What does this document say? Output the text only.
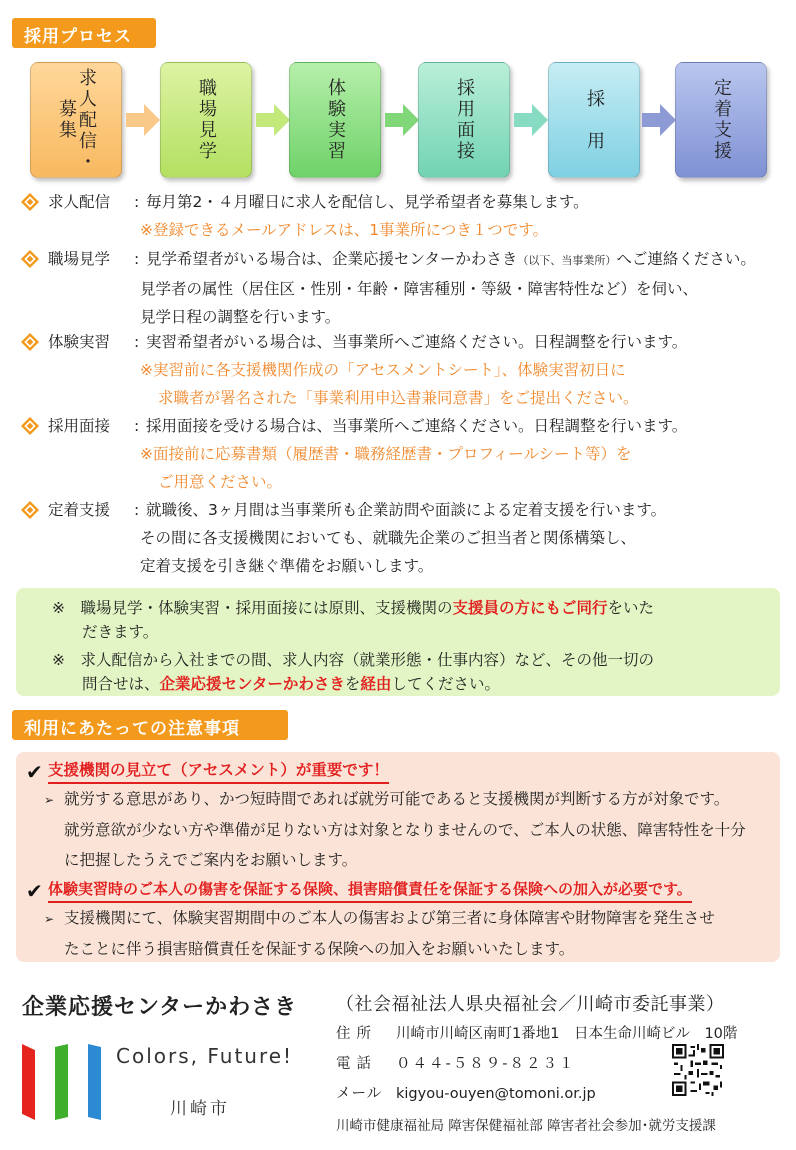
採用プロセス
求人配信・
募集	職場見学	体験実習	採用面接	採　用	定着支援
求人配信	: 毎月第2・４月曜日に求人を配信し、見学希望者を募集します。
※登録できるメールアドレスは、1事業所につき１つです。
職場見学	: 見学希望者がいる場合は、企業応援センターかわさき（以下、当事業所）へご連絡ください。
見学者の属性（居住区・性別・年齢・障害種別・等級・障害特性など）を伺い、
見学日程の調整を行います。
体験実習	: 実習希望者がいる場合は、当事業所へご連絡ください。日程調整を行います。
※実習前に各支援機関作成の「アセスメントシート」、体験実習初日に
求職者が署名された「事業利用申込書兼同意書」をご提出ください。
採用面接	: 採用面接を受ける場合は、当事業所へご連絡ください。日程調整を行います。
※面接前に応募書類（履歴書・職務経歴書・プロフィールシート等）を
ご用意ください。
定着支援	: 就職後、3ヶ月間は当事業所も企業訪問や面談による定着支援を行います。
その間に各支援機関においても、就職先企業のご担当者と関係構築し、
定着支援を引き継ぐ準備をお願いします。

※　職場見学・体験実習・採用面接には原則、支援機関の支援員の方にもご同行をいた
だきます。

※　求人配信から入社までの間、求人内容（就業形態・仕事内容）など、その他一切の
問合せは、企業応援センターかわさきを経由してください。

利用にあたっての注意事項
✔ 支援機関の見立て（アセスメント）が重要です！
➢ 就労する意思があり、かつ短時間であれば就労可能であると支援機関が判断する方が対象です。
就労意欲が少ない方や準備が足りない方は対象となりませんので、ご本人の状態、障害特性を十分
に把握したうえでご案内をお願いします。
✔ 体験実習時のご本人の傷害を保証する保険、損害賠償責任を保証する保険への加入が必要です。
➢ 支援機関にて、体験実習期間中のご本人の傷害および第三者に身体障害や財物障害を発生させ
たことに伴う損害賠償責任を保証する保険への加入をお願いいたします。
企業応援センターかわさき
Colors, Future!
川崎市
（社会福祉法人県央福祉会／川崎市委託事業）
住所 川崎市川崎区南町1番地1　日本生命川崎ビル　10階
電話 ０４４-５８９-８２３１
メール kigyou-ouyen@tomoni.or.jp
川崎市健康福祉局 障害保健福祉部 障害者社会参加･就労支援課
